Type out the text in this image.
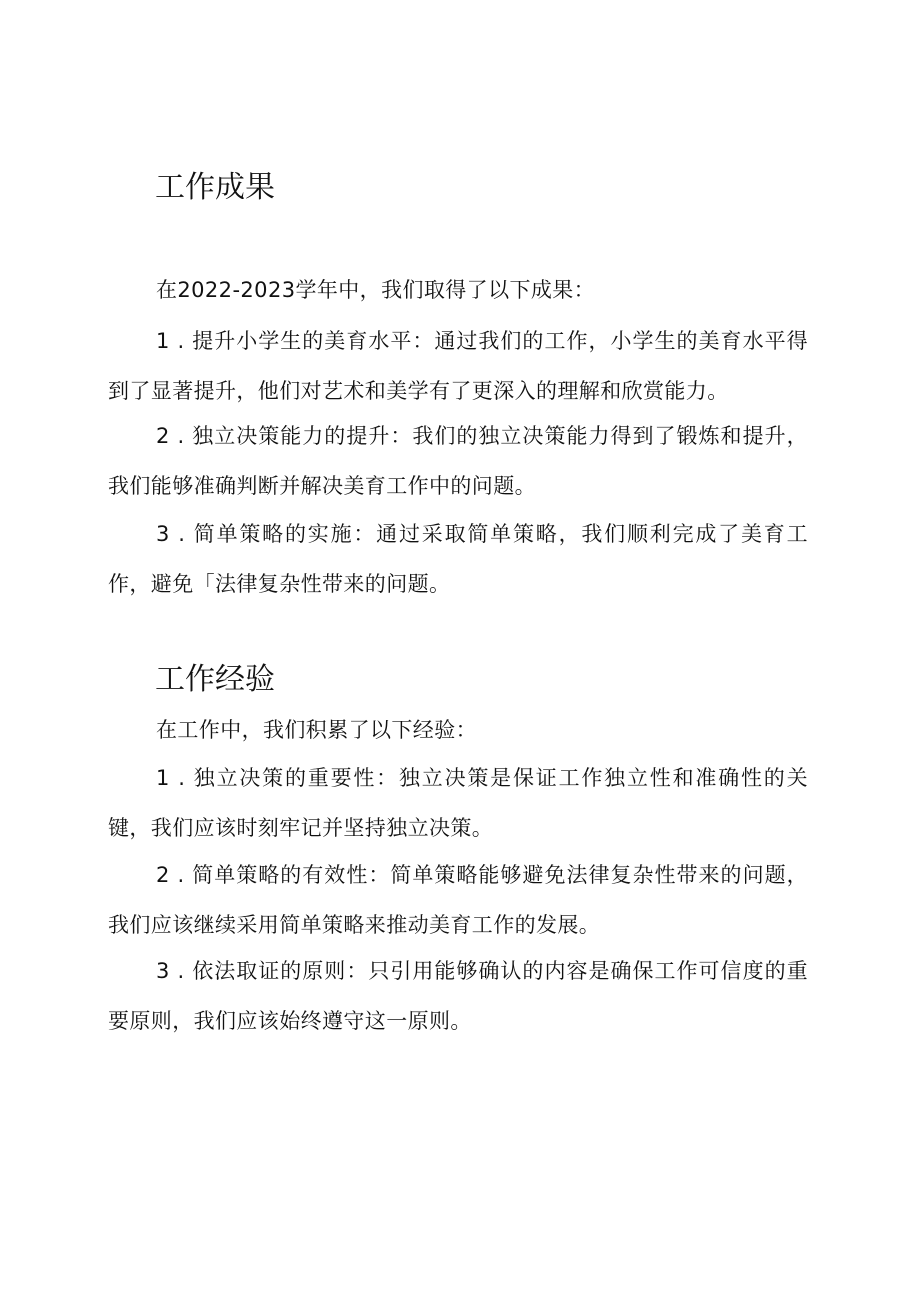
工作成果

在2022-2023学年中，我们取得了以下成果：

1 . 提升小学生的美育水平：通过我们的工作，小学生的美育水平得到了显著提升，他们对艺术和美学有了更深入的理解和欣赏能力。

2 . 独立决策能力的提升：我们的独立决策能力得到了锻炼和提升，我们能够准确判断并解决美育工作中的问题。

3 . 简单策略的实施：通过采取简单策略，我们顺利完成了美育工作，避免「法律复杂性带来的问题。

工作经验

在工作中，我们积累了以下经验：

1 . 独立决策的重要性：独立决策是保证工作独立性和准确性的关键，我们应该时刻牢记并坚持独立决策。

2 . 简单策略的有效性：简单策略能够避免法律复杂性带来的问题，我们应该继续采用简单策略来推动美育工作的发展。

3 . 依法取证的原则：只引用能够确认的内容是确保工作可信度的重要原则，我们应该始终遵守这一原则。
